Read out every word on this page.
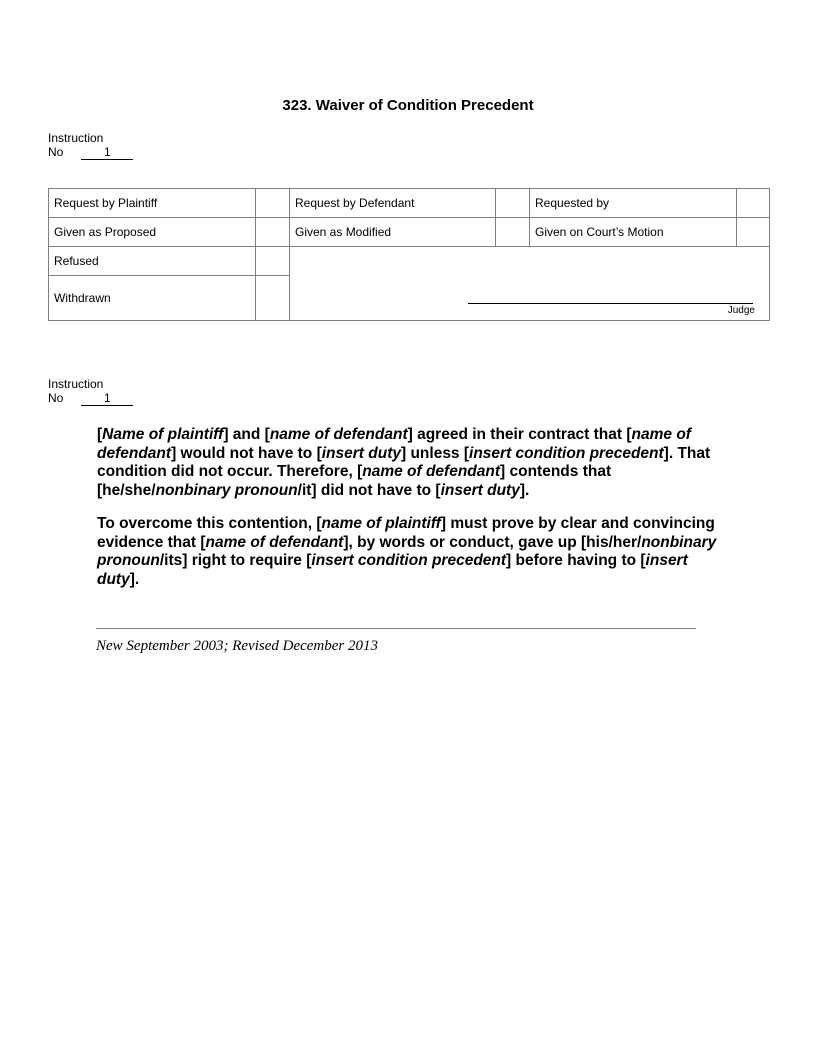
323. Waiver of Condition Precedent
Instruction
No	1
Request by Plaintiff		Request by Defendant		Requested by	
Given as Proposed		Given as Modified		Given on Court’s Motion	
Refused		Judge			

Withdrawn					
Instruction
No	1

[Name of plaintiff] and [name of defendant] agreed in their contract that [name of defendant] would not have to [insert duty] unless [insert condition precedent]. That condition did not occur. Therefore, [name of defendant] contends that [he/she/nonbinary pronoun/it] did not have to [insert duty].

To overcome this contention, [name of plaintiff] must prove by clear and convincing evidence that [name of defendant], by words or conduct, gave up [his/her/nonbinary pronoun/its] right to require [insert condition precedent] before having to [insert duty].

New September 2003; Revised December 2013
